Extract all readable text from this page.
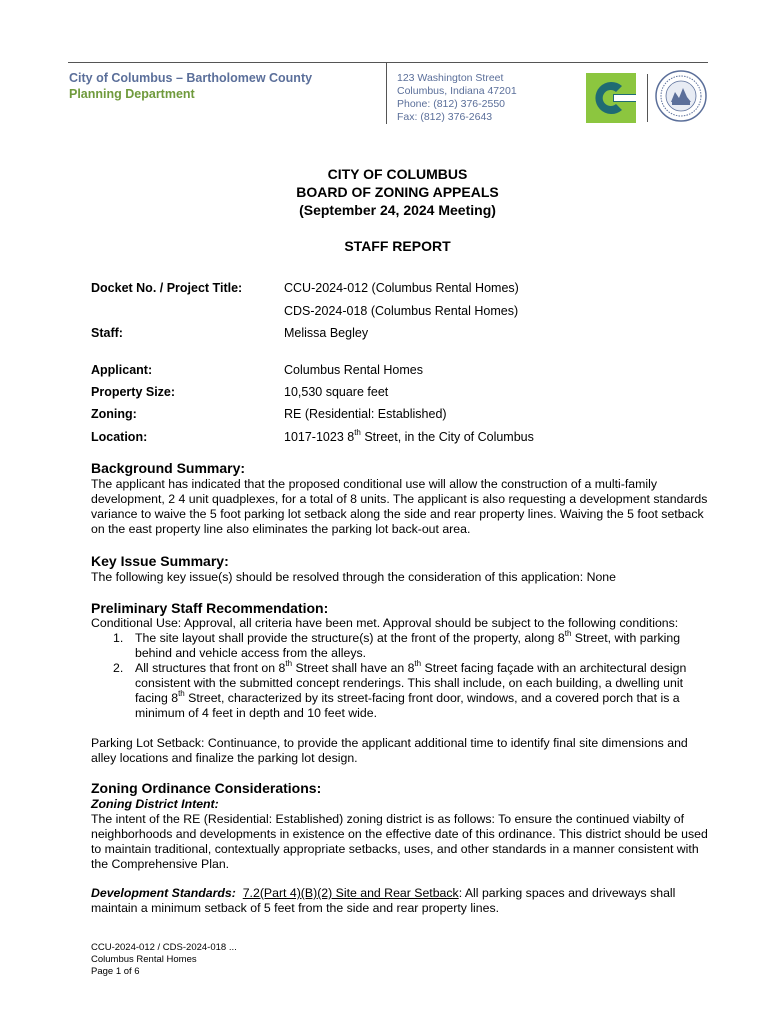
City of Columbus – Bartholomew County
Planning Department
123 Washington Street
Columbus, Indiana 47201
Phone: (812) 376-2550
Fax: (812) 376-2643
CITY OF COLUMBUS
BOARD OF ZONING APPEALS
(September 24, 2024 Meeting)
STAFF REPORT
Docket No. / Project Title:	CCU-2024-012 (Columbus Rental Homes)
CDS-2024-018 (Columbus Rental Homes)
Staff:	Melissa Begley
Applicant:	Columbus Rental Homes
Property Size:	10,530 square feet
Zoning:	RE (Residential: Established)
Location:	1017-1023 8th Street, in the City of Columbus
Background Summary:
The applicant has indicated that the proposed conditional use will allow the construction of a multi-family development, 2 4 unit quadplexes, for a total of 8 units. The applicant is also requesting a development standards variance to waive the 5 foot parking lot setback along the side and rear property lines. Waiving the 5 foot setback on the east property line also eliminates the parking lot back-out area.
Key Issue Summary:
The following key issue(s) should be resolved through the consideration of this application: None
Preliminary Staff Recommendation:
Conditional Use: Approval, all criteria have been met. Approval should be subject to the following conditions:
1. The site layout shall provide the structure(s) at the front of the property, along 8th Street, with parking behind and vehicle access from the alleys.
2. All structures that front on 8th Street shall have an 8th Street facing façade with an architectural design consistent with the submitted concept renderings. This shall include, on each building, a dwelling unit facing 8th Street, characterized by its street-facing front door, windows, and a covered porch that is a minimum of 4 feet in depth and 10 feet wide.
Parking Lot Setback: Continuance, to provide the applicant additional time to identify final site dimensions and alley locations and finalize the parking lot design.
Zoning Ordinance Considerations:
Zoning District Intent:
The intent of the RE (Residential: Established) zoning district is as follows: To ensure the continued viabilty of neighborhoods and developments in existence on the effective date of this ordinance. This district should be used to maintain traditional, contextually appropriate setbacks, uses, and other standards in a manner consistent with the Comprehensive Plan.
Development Standards: 7.2(Part 4)(B)(2) Site and Rear Setback: All parking spaces and driveways shall maintain a minimum setback of 5 feet from the side and rear property lines.
CCU-2024-012 / CDS-2024-018 ...
Columbus Rental Homes
Page 1 of 6
